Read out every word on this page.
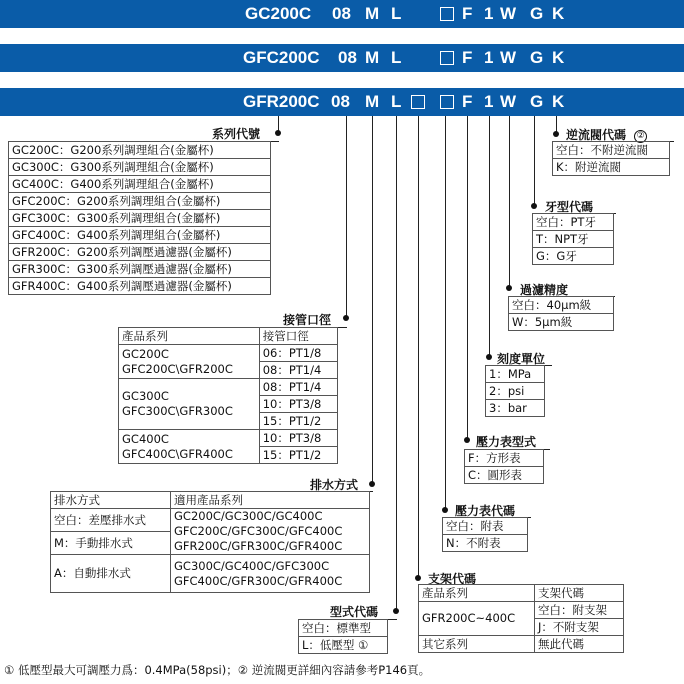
GC200C 08 M L	F 1 W G K
GFC200C 08 M L	F 1 W G K
GFR200C 08 M L	F 1 W G K
系列代號
GC200C：G200系列調理組合(金屬杯)
GC300C：G300系列調理組合(金屬杯)
GC400C：G400系列調理組合(金屬杯)
GFC200C：G200系列調理組合(金屬杯)
GFC300C：G300系列調理組合(金屬杯)
GFC400C：G400系列調理組合(金屬杯)
GFR200C：G200系列調壓過濾器(金屬杯)
GFR300C：G300系列調壓過濾器(金屬杯)
GFR400C：G400系列調壓過濾器(金屬杯)
接管口徑
產品系列	接管口徑

GC200C
GFC200C\GFR200C	06：PT1/8
	08：PT1/4

GC300C
GFC300C\GFR300C	08：PT1/4
	10：PT3/8
	15：PT1/2

GC400C
GFC400C\GFR400C	10：PT3/8
	15：PT1/2
排水方式
排水方式	適用產品系列
空白：差壓排水式	GC200C/GC300C/GC400C
GFC200C/GFC300C/GFC400C
GFR200C/GFR300C/GFR400C

M：手動排水式	
A：自動排水式	GC300C/GC400C/GFC300C
GFC400C/GFR300C/GFR400C
型式代碼
空白：標準型
L：低壓型 ①
支架代碼
產品系列	支架代碼
GFR200C~400C	空白：附支架
	J：不附支架
其它系列	無此代碼
壓力表代碼
空白：附表
N：不附表
壓力表型式
F：方形表
C：圓形表
刻度單位
1：MPa
2：psi
3：bar
過濾精度
空白：40μm級
W：5μm級
牙型代碼
空白：PT牙
T：NPT牙
G：G牙
逆流閥代碼 ②
空白：不附逆流閥
K：附逆流閥
① 低壓型最大可調壓力爲：0.4MPa(58psi)；② 逆流閥更詳細內容請參考P146頁。
